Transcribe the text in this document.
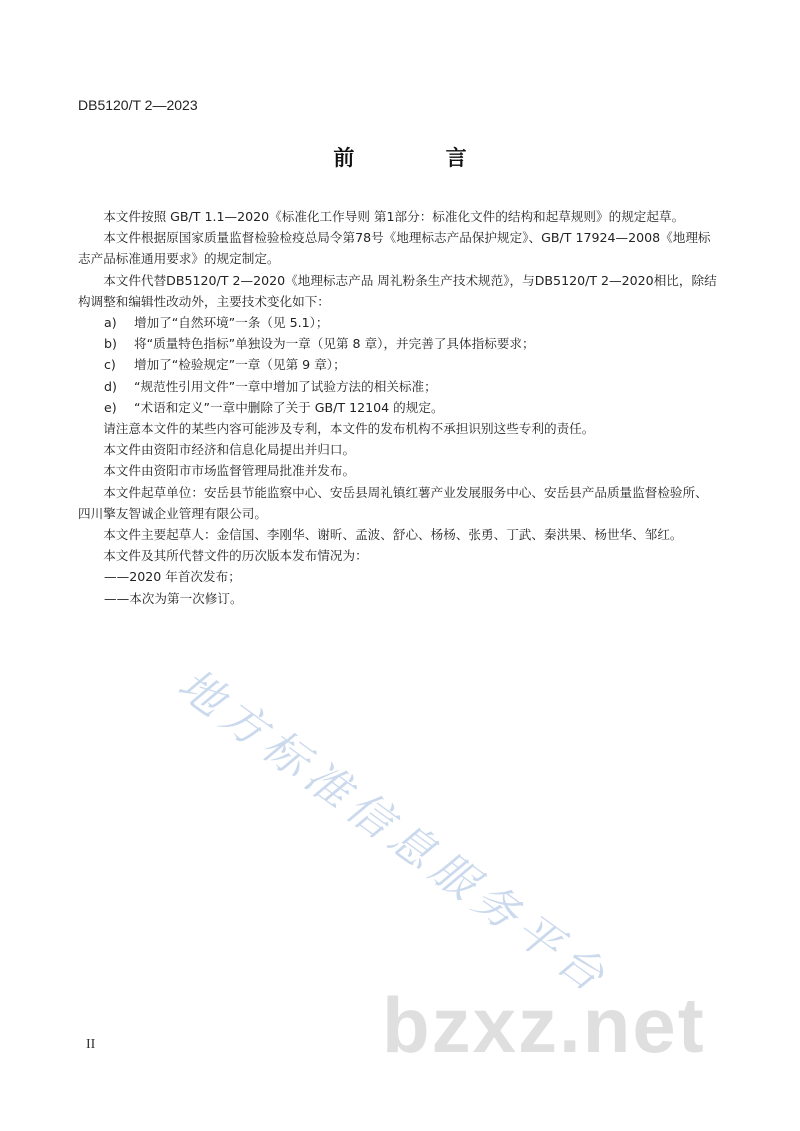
DB5120/T 2—2023
前 言

本文件按照 GB/T 1.1—2020《标准化工作导则 第1部分：标准化文件的结构和起草规则》的规定起草。

本文件根据原国家质量监督检验检疫总局令第78号《地理标志产品保护规定》、GB/T 17924—2008《地理标志产品标准通用要求》的规定制定。

本文件代替DB5120/T 2—2020《地理标志产品 周礼粉条生产技术规范》，与DB5120/T 2—2020相比，除结构调整和编辑性改动外，主要技术变化如下：

a)	增加了“自然环境”一条（见 5.1）；

b)	将“质量特色指标”单独设为一章（见第 8 章），并完善了具体指标要求；

c)	增加了“检验规定”一章（见第 9 章）；

d)	“规范性引用文件”一章中增加了试验方法的相关标准；

e)	“术语和定义”一章中删除了关于 GB/T 12104 的规定。

请注意本文件的某些内容可能涉及专利，本文件的发布机构不承担识别这些专利的责任。

本文件由资阳市经济和信息化局提出并归口。

本文件由资阳市市场监督管理局批准并发布。

本文件起草单位：安岳县节能监察中心、安岳县周礼镇红薯产业发展服务中心、安岳县产品质量监督检验所、四川擎友智诚企业管理有限公司。

本文件主要起草人：金信国、李刚华、谢昕、孟波、舒心、杨杨、张勇、丁武、秦洪果、杨世华、邹红。

本文件及其所代替文件的历次版本发布情况为：

——2020 年首次发布；

——本次为第一次修订。

地方标准信息服务平台
bzxz.net
II
